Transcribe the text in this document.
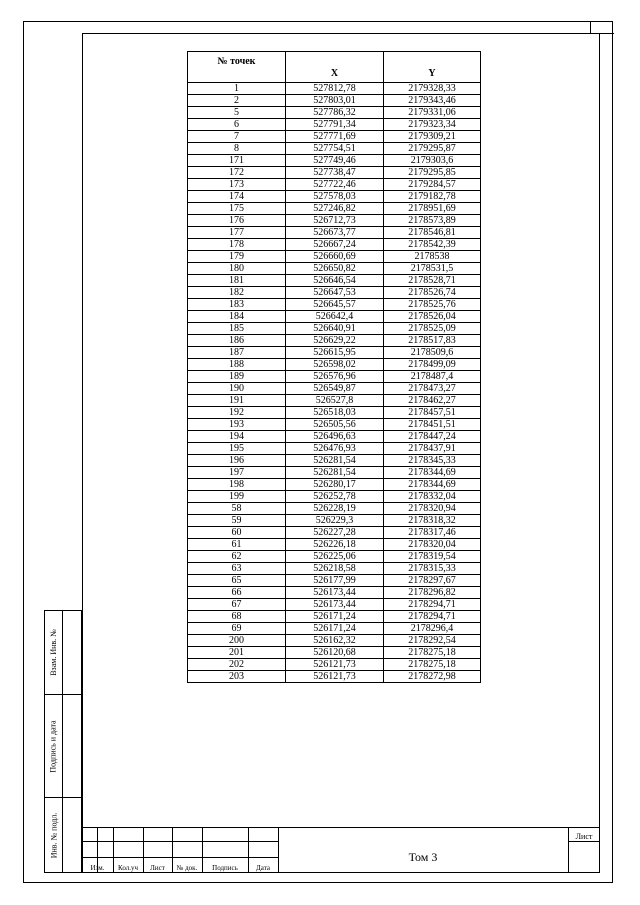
Взам. Инв. №
Подпись и дата
Инв. № подл.
№ точек	X	Y
1	527812,78	2179328,33
2	527803,01	2179343,46
5	527786,32	2179331,06
6	527791,34	2179323,34
7	527771,69	2179309,21
8	527754,51	2179295,87
171	527749,46	2179303,6
172	527738,47	2179295,85
173	527722,46	2179284,57
174	527578,03	2179182,78
175	527246,82	2178951,69
176	526712,73	2178573,89
177	526673,77	2178546,81
178	526667,24	2178542,39
179	526660,69	2178538
180	526650,82	2178531,5
181	526646,54	2178528,71
182	526647,53	2178526,74
183	526645,57	2178525,76
184	526642,4	2178526,04
185	526640,91	2178525,09
186	526629,22	2178517,83
187	526615,95	2178509,6
188	526598,02	2178499,09
189	526576,96	2178487,4
190	526549,87	2178473,27
191	526527,8	2178462,27
192	526518,03	2178457,51
193	526505,56	2178451,51
194	526496,63	2178447,24
195	526476,93	2178437,91
196	526281,54	2178345,33
197	526281,54	2178344,69
198	526280,17	2178344,69
199	526252,78	2178332,04
58	526228,19	2178320,94
59	526229,3	2178318,32
60	526227,28	2178317,46
61	526226,18	2178320,04
62	526225,06	2178319,54
63	526218,58	2178315,33
65	526177,99	2178297,67
66	526173,44	2178296,82
67	526173,44	2178294,71
68	526171,24	2178294,71
69	526171,24	2178296,4
200	526162,32	2178292,54
201	526120,68	2178275,18
202	526121,73	2178275,18
203	526121,73	2178272,98
Изм.	Кол.уч	Лист	№ док.	Подпись	Дата
Том 3
Лист
